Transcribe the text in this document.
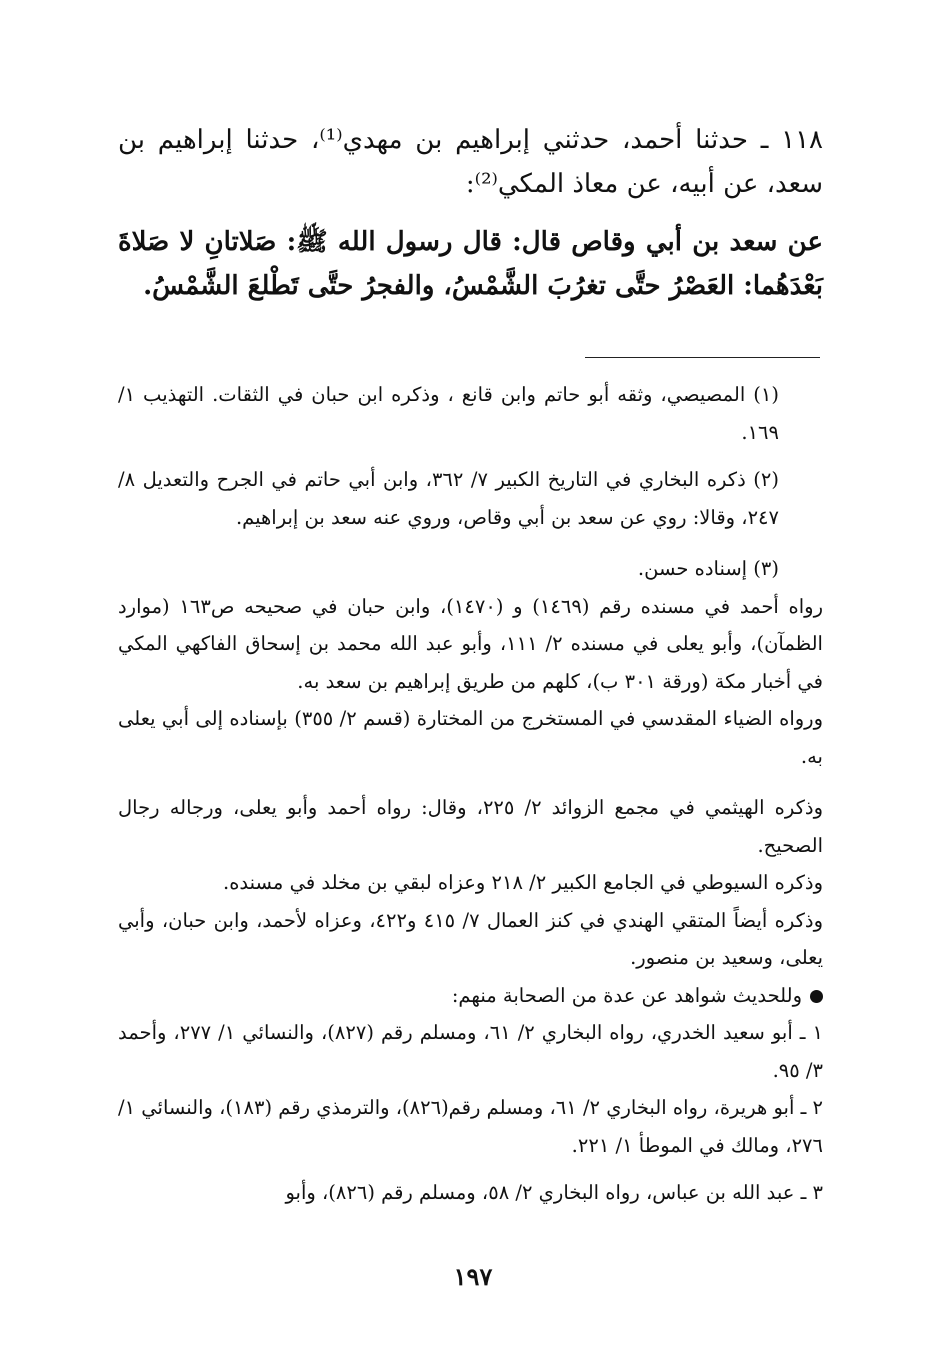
١١٨ ـ حدثنا أحمد، حدثني إبراهيم بن مهدي⁽¹⁾، حدثنا إبراهيم بن سعد، عن أبيه، عن معاذ المكي⁽²⁾:

عن سعد بن أبي وقاص قال: قال رسول الله ﷺ: صَلاتانِ لا صَلاةَ بَعْدَهُما: العَصْرُ حتَّى تغرُبَ الشَّمْسُ، والفجرُ حتَّى تَطْلعَ الشَّمْسُ.

(١) المصيصي، وثقه أبو حاتم وابن قانع ، وذكره ابن حبان في الثقات. التهذيب ١/ ١٦٩.

(٢) ذكره البخاري في التاريخ الكبير ٧/ ٣٦٢، وابن أبي حاتم في الجرح والتعديل ٨/ ٢٤٧، وقالا: روي عن سعد بن أبي وقاص، وروي عنه سعد بن إبراهيم.

(٣) إسناده حسن.

رواه أحمد في مسنده رقم (١٤٦٩) و (١٤٧٠)، وابن حبان في صحيحه ص١٦٣ (موارد الظمآن)، وأبو يعلى في مسنده ٢/ ١١١، وأبو عبد الله محمد بن إسحاق الفاكهي المكي في أخبار مكة (ورقة ٣٠١ ب)، كلهم من طريق إبراهيم بن سعد به.

ورواه الضياء المقدسي في المستخرج من المختارة (قسم ٢/ ٣٥٥) بإسناده إلى أبي يعلى به.

وذكره الهيثمي في مجمع الزوائد ٢/ ٢٢٥، وقال: رواه أحمد وأبو يعلى، ورجاله رجال الصحيح.

وذكره السيوطي في الجامع الكبير ٢/ ٢١٨ وعزاه لبقي بن مخلد في مسنده.

وذكره أيضاً المتقي الهندي في كنز العمال ٧/ ٤١٥ و٤٢٢، وعزاه لأحمد، وابن حبان، وأبي يعلى، وسعيد بن منصور.

وللحديث شواهد عن عدة من الصحابة منهم:

١ ـ أبو سعيد الخدري، رواه البخاري ٢/ ٦١، ومسلم رقم (٨٢٧)، والنسائي ١/ ٢٧٧، وأحمد ٣/ ٩٥.

٢ ـ أبو هريرة، رواه البخاري ٢/ ٦١، ومسلم رقم(٨٢٦)، والترمذي رقم (١٨٣)، والنسائي ١/ ٢٧٦، ومالك في الموطأ ١/ ٢٢١.

٣ ـ عبد الله بن عباس، رواه البخاري ٢/ ٥٨، ومسلم رقم (٨٢٦)، وأبو

١٩٧
